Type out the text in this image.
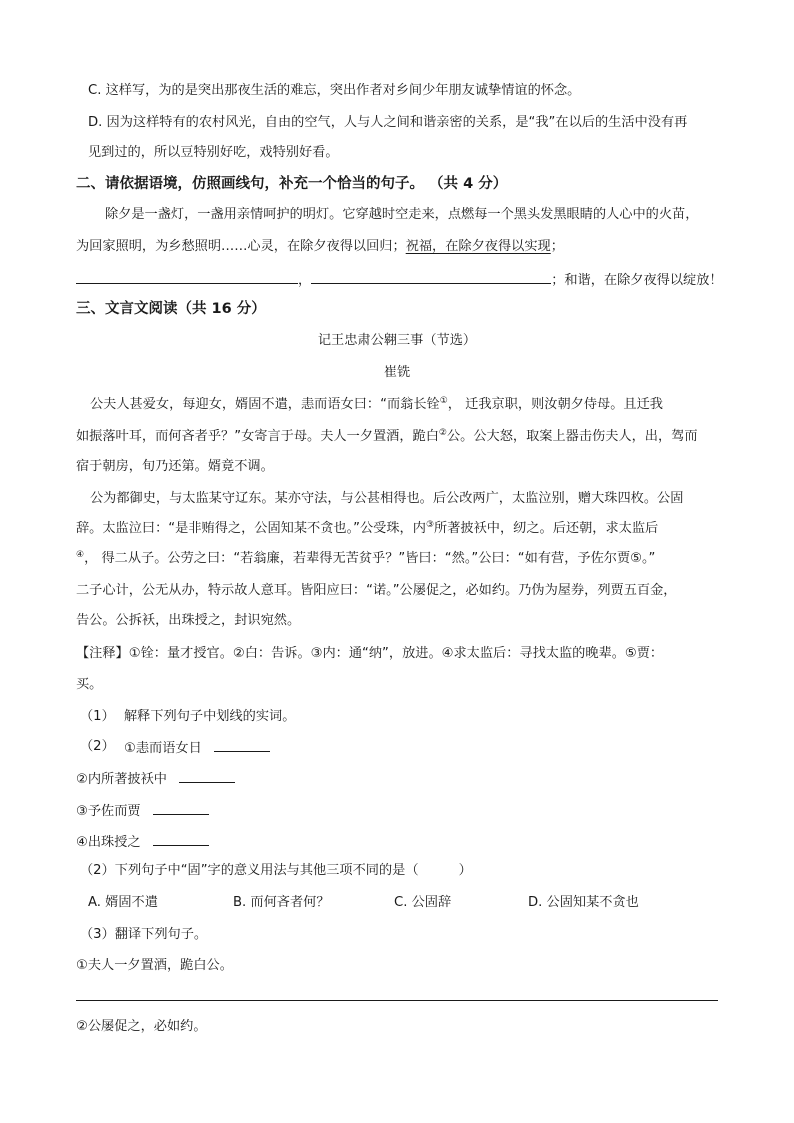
C. 这样写，为的是突出那夜生活的难忘，突出作者对乡间少年朋友诚挚情谊的怀念。
D. 因为这样特有的农村风光，自由的空气，人与人之间和谐亲密的关系，是“我”在以后的生活中没有再
见到过的，所以豆特别好吃，戏特别好看。
二、请依据语境，仿照画线句，补充一个恰当的句子。 （共 4 分）
除夕是一盏灯，一盏用亲情呵护的明灯。它穿越时空走来，点燃每一个黑头发黑眼睛的人心中的火苗，
为回家照明，为乡愁照明……心灵，在除夕夜得以回归；祝福，在除夕夜得以实现；
，	；和谐，在除夕夜得以绽放！
三、文言文阅读（共 16 分）
记王忠肃公翱三事（节选）
崔铣
公夫人甚爱女，每迎女，婿固不遣，恚而语女曰：“而翁长铨①， 迁我京职，则汝朝夕侍母。且迁我
如振落叶耳，而何吝者乎？”女寄言于母。夫人一夕置酒，跪白②公。公大怒，取案上器击伤夫人，出，驾而
宿于朝房，旬乃还第。婿竟不调。
公为都御史，与太监某守辽东。某亦守法，与公甚相得也。后公改两广，太监泣别，赠大珠四枚。公固
辞。太监泣曰：“是非贿得之，公固知某不贪也。”公受珠，内③所著披袄中，纫之。后还朝，求太监后
④， 得二从子。公劳之曰：“若翁廉，若辈得无苦贫乎？”皆曰：“然。”公曰：“如有营，予佐尔贾⑤。”
二子心计，公无从办，特示故人意耳。皆阳应曰：“诺。”公屡促之，必如约。乃伪为屋券，列贾五百金，
告公。公拆袄，出珠授之，封识宛然。
【注释】①铨：量才授官。②白：告诉。③内：通“纳”，放进。④求太监后：寻找太监的晚辈。⑤贾：
买。
（1） 解释下列句子中划线的实词。
（2） ①恚而语女日
②内所著披袄中
③予佐而贾
④出珠授之
（2）下列句子中“固”字的意义用法与其他三项不同的是（	）
A. 婿固不遣	B. 而何吝者何？	C. 公固辞	D. 公固知某不贪也
（3）翻译下列句子。
①夫人一夕置酒，跪白公。
②公屡促之，必如约。
